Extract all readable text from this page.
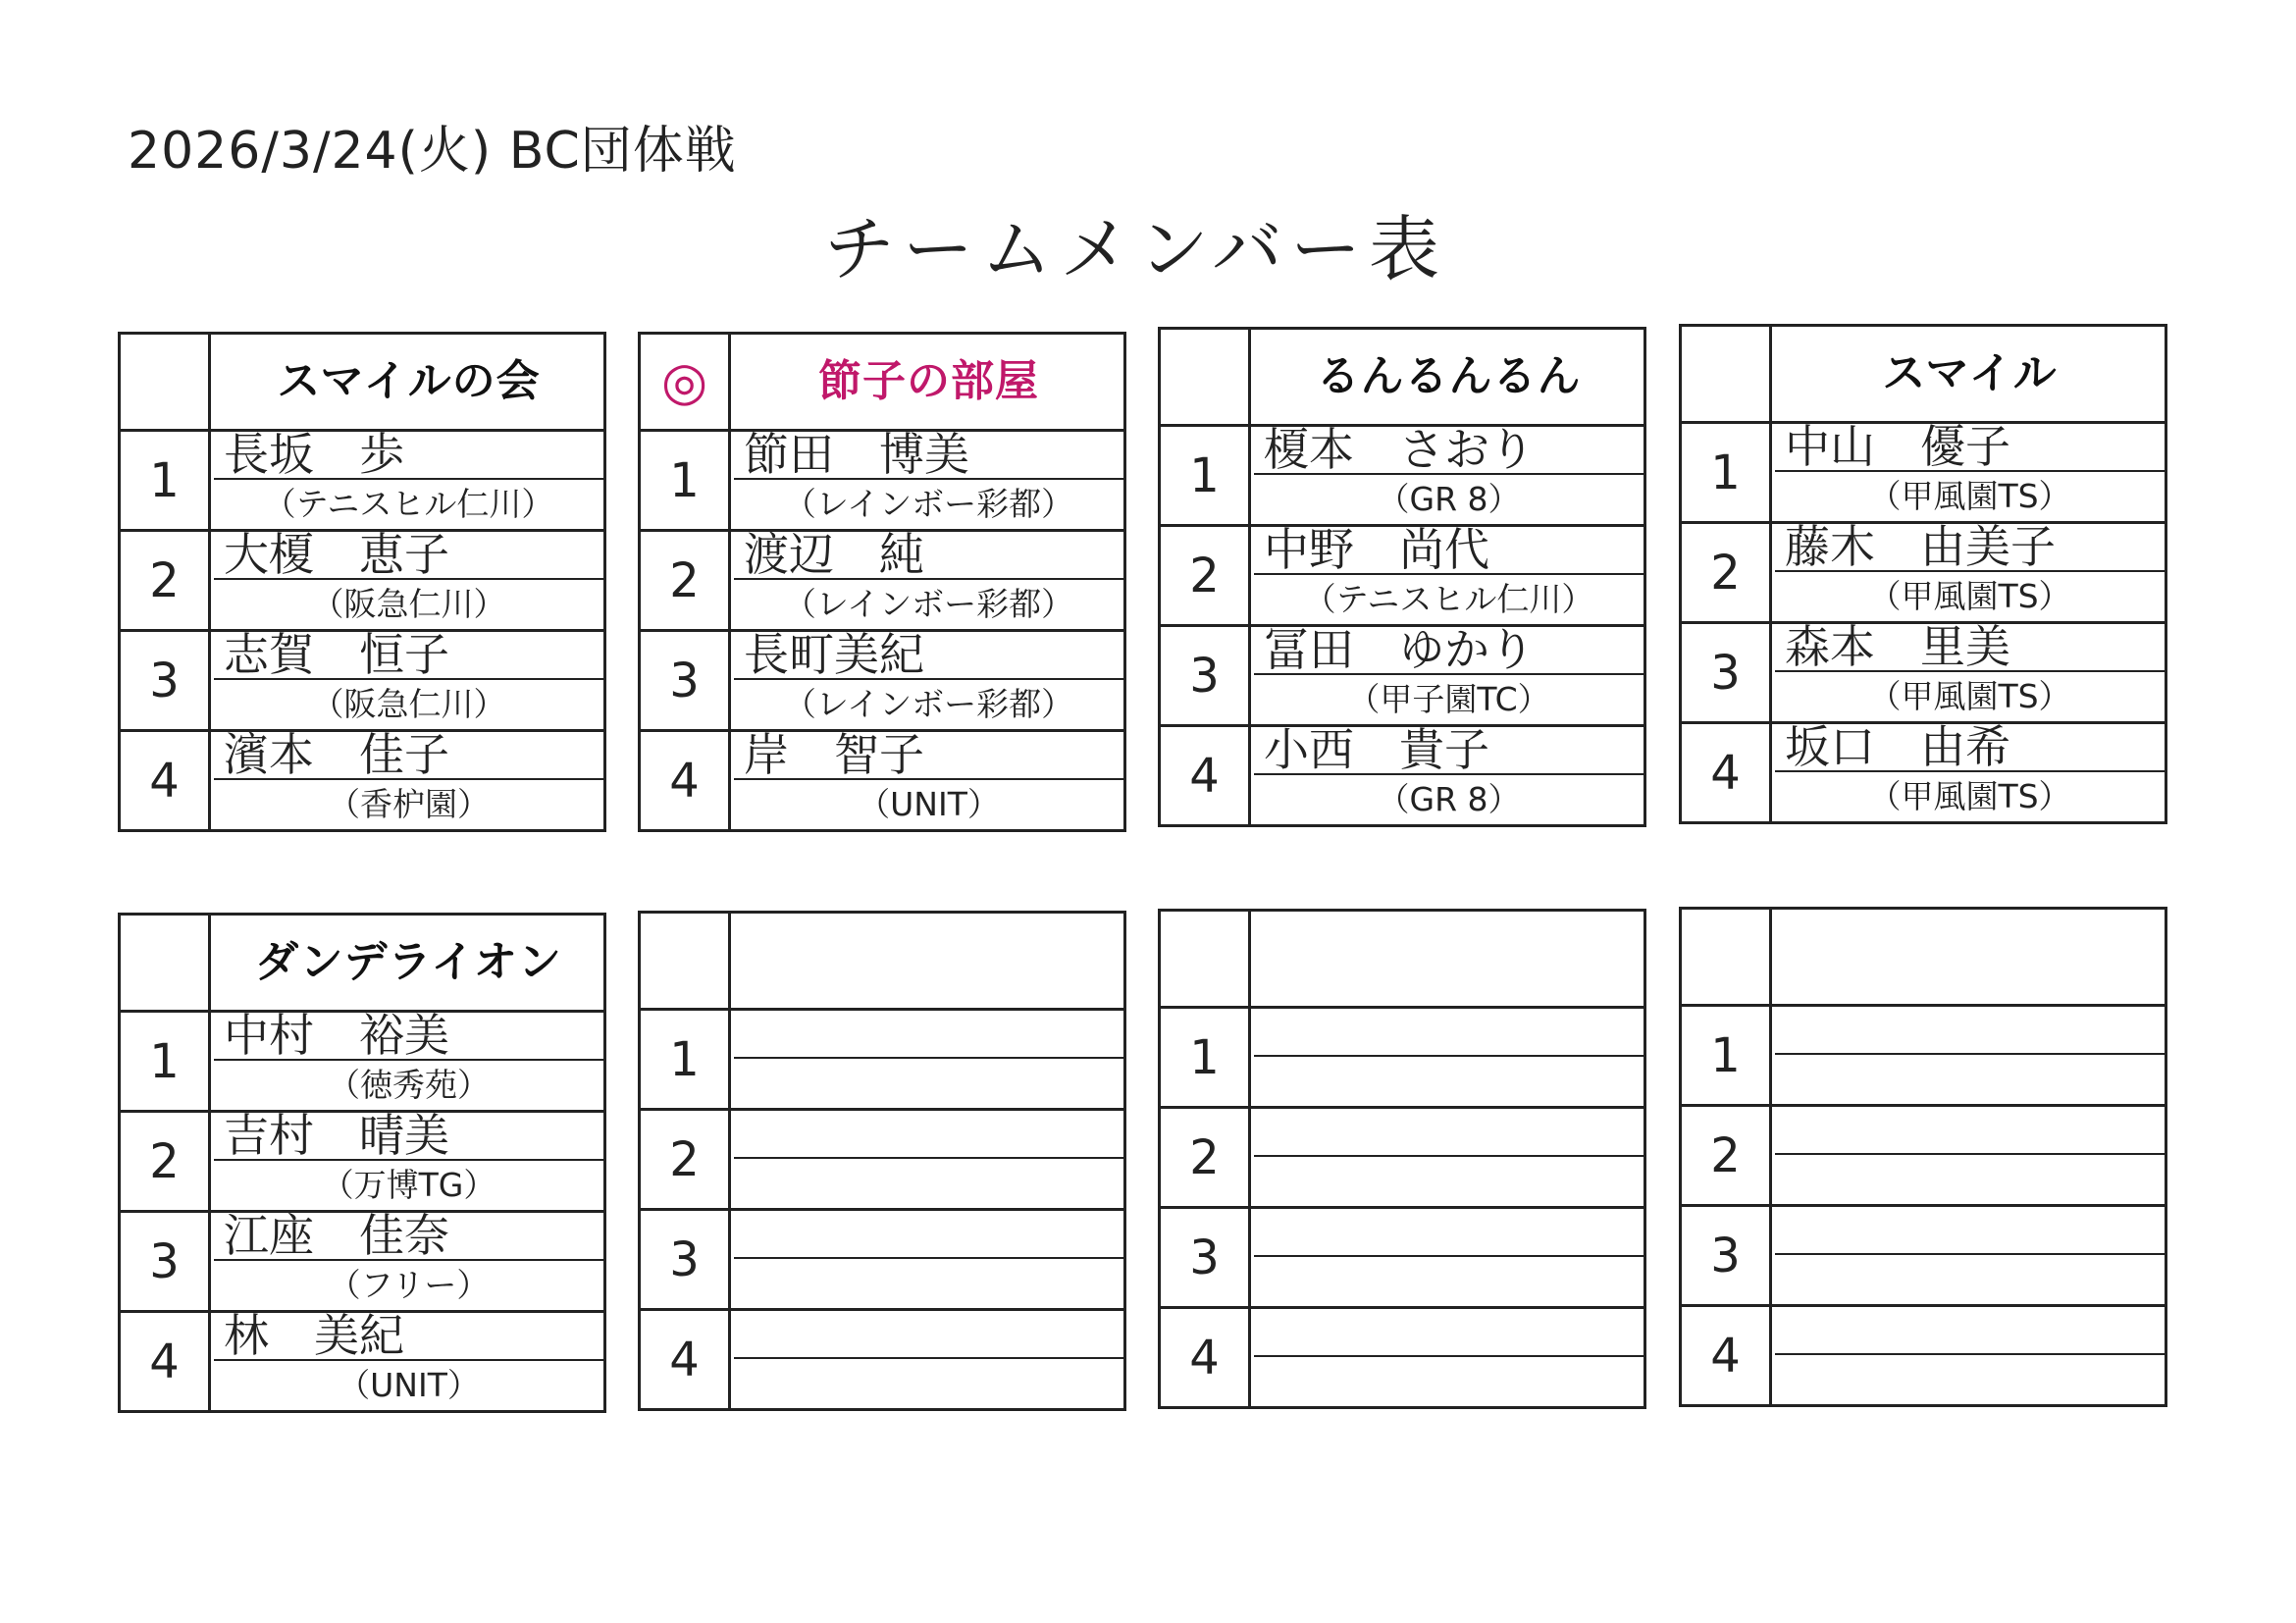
2026/3/24(火) BC団体戦
チームメンバー表
スマイルの会
1 長坂　歩
（テニスヒル仁川）
2 大榎　恵子
（阪急仁川）
3 志賀　恒子
（阪急仁川）
4 濱本　佳子
（香枦園）
◎	節子の部屋
1 節田　博美
（レインボー彩都）
2 渡辺　純
（レインボー彩都）
3 長町美紀
（レインボー彩都）
4 岸　智子
（UNIT）
るんるんるん
1 榎本　さおり
（GR 8）
2 中野　尚代
（テニスヒル仁川）
3 冨田　ゆかり
（甲子園TC）
4 小西　貴子
（GR 8）
スマイル
1 中山　優子
（甲風園TS）
2 藤木　由美子
（甲風園TS）
3 森本　里美
（甲風園TS）
4 坂口　由希
（甲風園TS）
ダンデライオン
1 中村　裕美
（徳秀苑）
2 吉村　晴美
（万博TG）
3 江座　佳奈
（フリー）
4 林　美紀
（UNIT）
1
2
3
4
1
2
3
4
1
2
3
4
